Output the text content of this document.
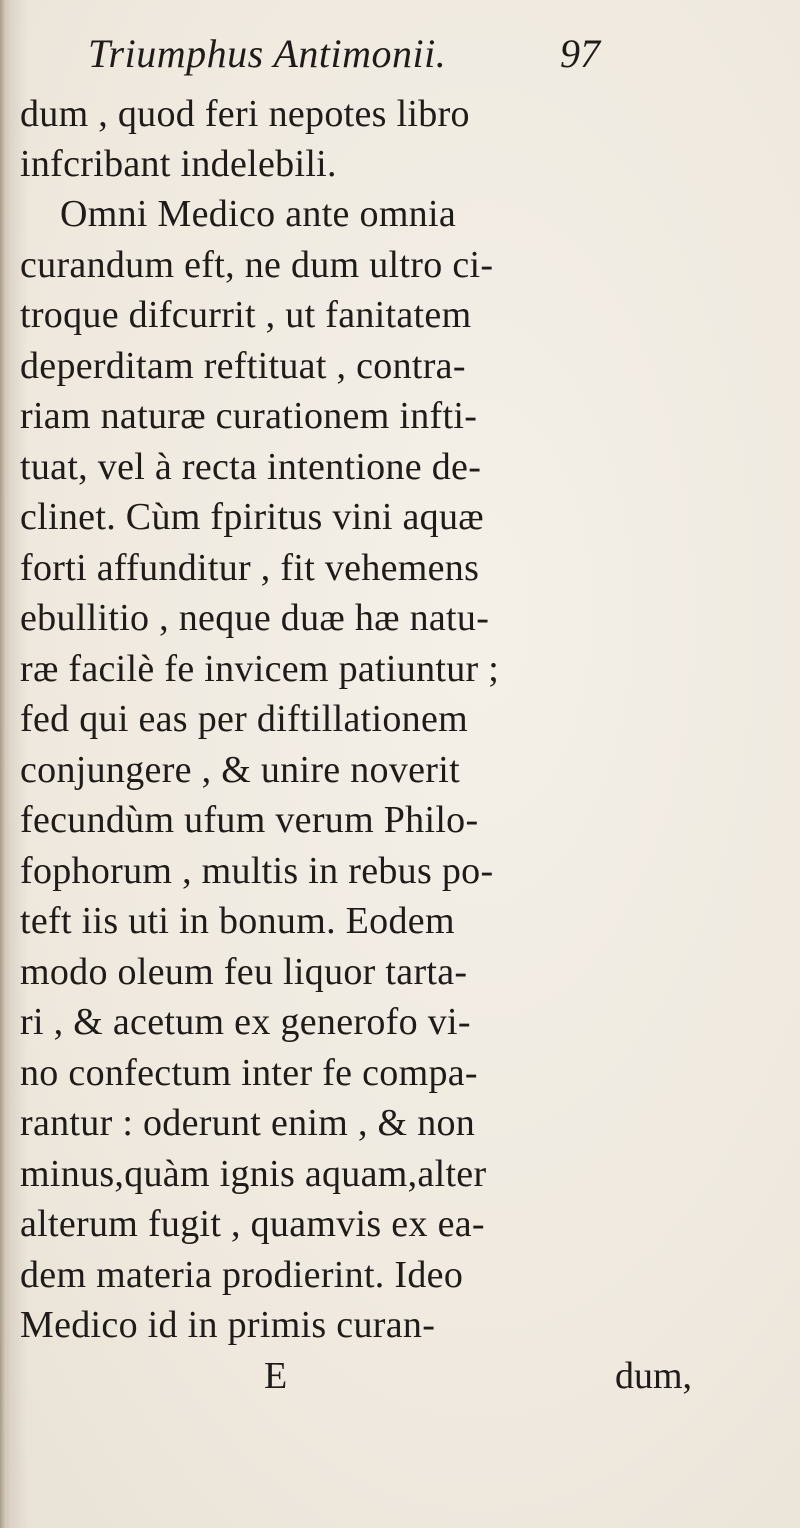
Triumphus Antimonii.	97
dum , quod feri nepotes libro
infcribant indelebili.
Omni Medico ante omnia
curandum eft, ne dum ultro ci-
troque difcurrit , ut fanitatem
deperditam reftituat , contra-
riam naturæ curationem infti-
tuat, vel à recta intentione de-
clinet. Cùm fpiritus vini aquæ
forti affunditur , fit vehemens
ebullitio , neque duæ hæ natu-
ræ facilè fe invicem patiuntur ;
fed qui eas per diftillationem
conjungere , & unire noverit
fecundùm ufum verum Philo-
fophorum , multis in rebus po-
teft iis uti in bonum. Eodem
modo oleum feu liquor tarta-
ri , & acetum ex generofo vi-
no confectum inter fe compa-
rantur : oderunt enim , & non
minus,quàm ignis aquam,alter
alterum fugit , quamvis ex ea-
dem materia prodierint. Ideo
Medico id in primis curan-
E	dum,
